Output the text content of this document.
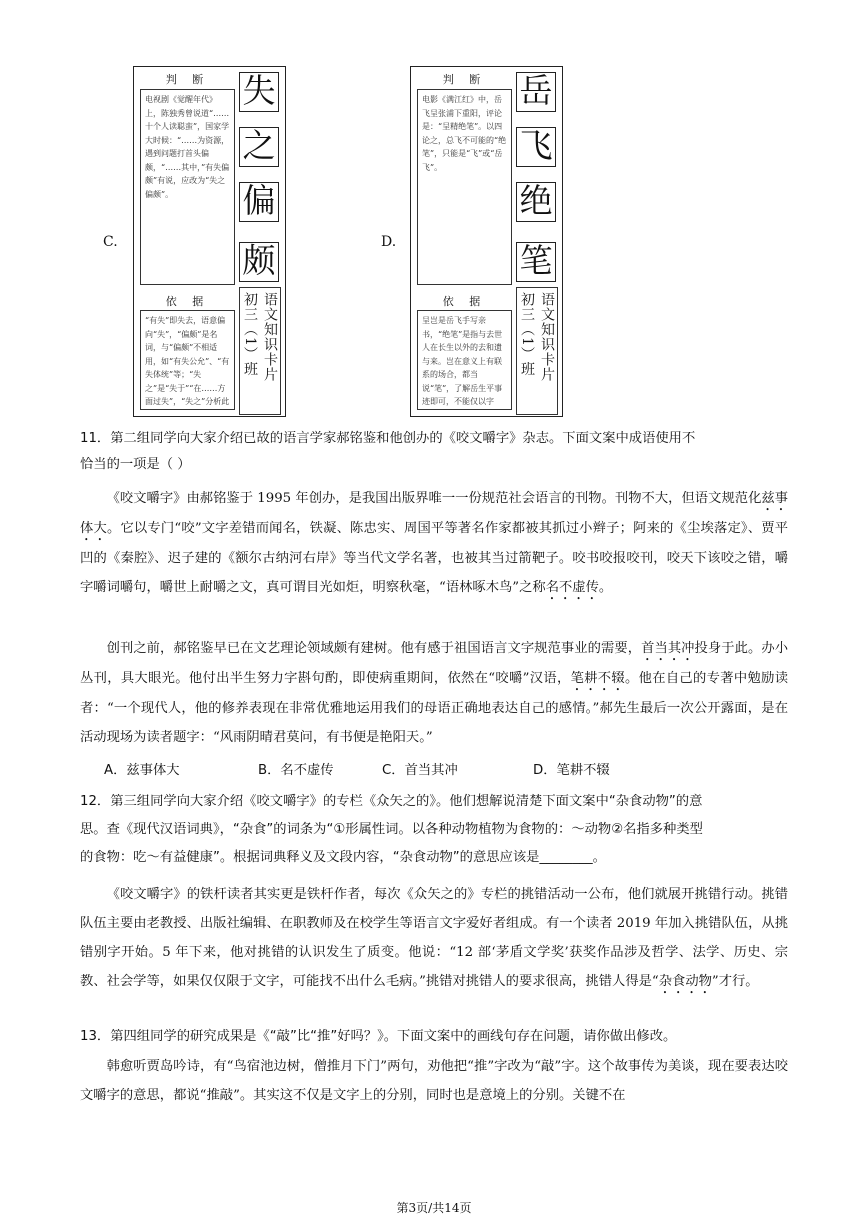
C.
判 断
电视剧《觉醒年代》上，陈独秀曾说道“……十个人读聪蛮”，国家学大时候：“……为资源，遇到问题打首头偏颇，“……其中，”有失偏颇”有说，应改为“失之偏颇”。
依 据
“有失”即失去，语意偏向“失”，“偏颇”是名词，与“偏颇”不相适用，如“有失公允”、“有失体统”等；“失之”是“失于”“在……方面过失”，“失之”分析此
失
之
偏
颇
初三（1）班 语文知识卡片
D.
判 断
电影《满江红》中，岳飞呈张浦下重阳，评论是：“呈精绝笔”。以四论之，总飞不可能的“绝笔”，只能是“飞”或“岳飞”。
依 据
呈岂是岳飞手写亲书，“绝笔”是指与去世人在长生以外的去和遗与来。岂在意义上有联系的场合，都当说“笔”，了解岳生平事迹即可，不能仅以字
岳
飞
绝
笔
初三（1）班 语文知识卡片
11．第二组同学向大家介绍已故的语言学家郝铭鉴和他创办的《咬文嚼字》杂志。下面文案中成语使用不
恰当的一项是（ ）
《咬文嚼字》由郝铭鉴于 1995 年创办，是我国出版界唯一一份规范社会语言的刊物。刊物不大，但语文规范化兹事体大。它以专门“咬”文字差错而闻名，铁凝、陈忠实、周国平等著名作家都被其抓过小辫子；阿来的《尘埃落定》、贾平凹的《秦腔》、迟子建的《额尔古纳河右岸》等当代文学名著，也被其当过箭靶子。咬书咬报咬刊，咬天下该咬之错，嚼字嚼词嚼句，嚼世上耐嚼之文，真可谓目光如炬，明察秋毫，“语林啄木鸟”之称名不虚传。
创刊之前，郝铭鉴早已在文艺理论领域颇有建树。他有感于祖国语言文字规范事业的需要，首当其冲投身于此。办小丛刊，具大眼光。他付出半生努力字斟句酌，即使病重期间，依然在“咬嚼”汉语，笔耕不辍。他在自己的专著中勉励读者：“一个现代人，他的修养表现在非常优雅地运用我们的母语正确地表达自己的感情。”郝先生最后一次公开露面，是在活动现场为读者题字：“风雨阴晴君莫问，有书便是艳阳天。”
A．兹事体大	B．名不虚传	C．首当其冲	D．笔耕不辍
12．第三组同学向大家介绍《咬文嚼字》的专栏《众矢之的》。他们想解说清楚下面文案中“杂食动物”的意
思。查《现代汉语词典》，“杂食”的词条为“①形属性词。以各种动物植物为食物的：～动物②名指多种类型
的食物：吃～有益健康”。根据词典释义及文段内容，“杂食动物”的意思应该是________。
《咬文嚼字》的铁杆读者其实更是铁杆作者，每次《众矢之的》专栏的挑错活动一公布，他们就展开挑错行动。挑错队伍主要由老教授、出版社编辑、在职教师及在校学生等语言文字爱好者组成。有一个读者 2019 年加入挑错队伍，从挑错别字开始。5 年下来，他对挑错的认识发生了质变。他说：“12 部‘茅盾文学奖’获奖作品涉及哲学、法学、历史、宗教、社会学等，如果仅仅限于文字，可能找不出什么毛病。”挑错对挑错人的要求很高，挑错人得是“杂食动物”才行。
13．第四组同学的研究成果是《“敲”比“推”好吗？》。下面文案中的画线句存在问题，请你做出修改。
韩愈听贾岛吟诗，有“鸟宿池边树，僧推月下门”两句，劝他把“推”字改为“敲”字。这个故事传为美谈，现在要表达咬文嚼字的意思，都说“推敲”。其实这不仅是文字上的分别，同时也是意境上的分别。关键不在
第3页/共14页
